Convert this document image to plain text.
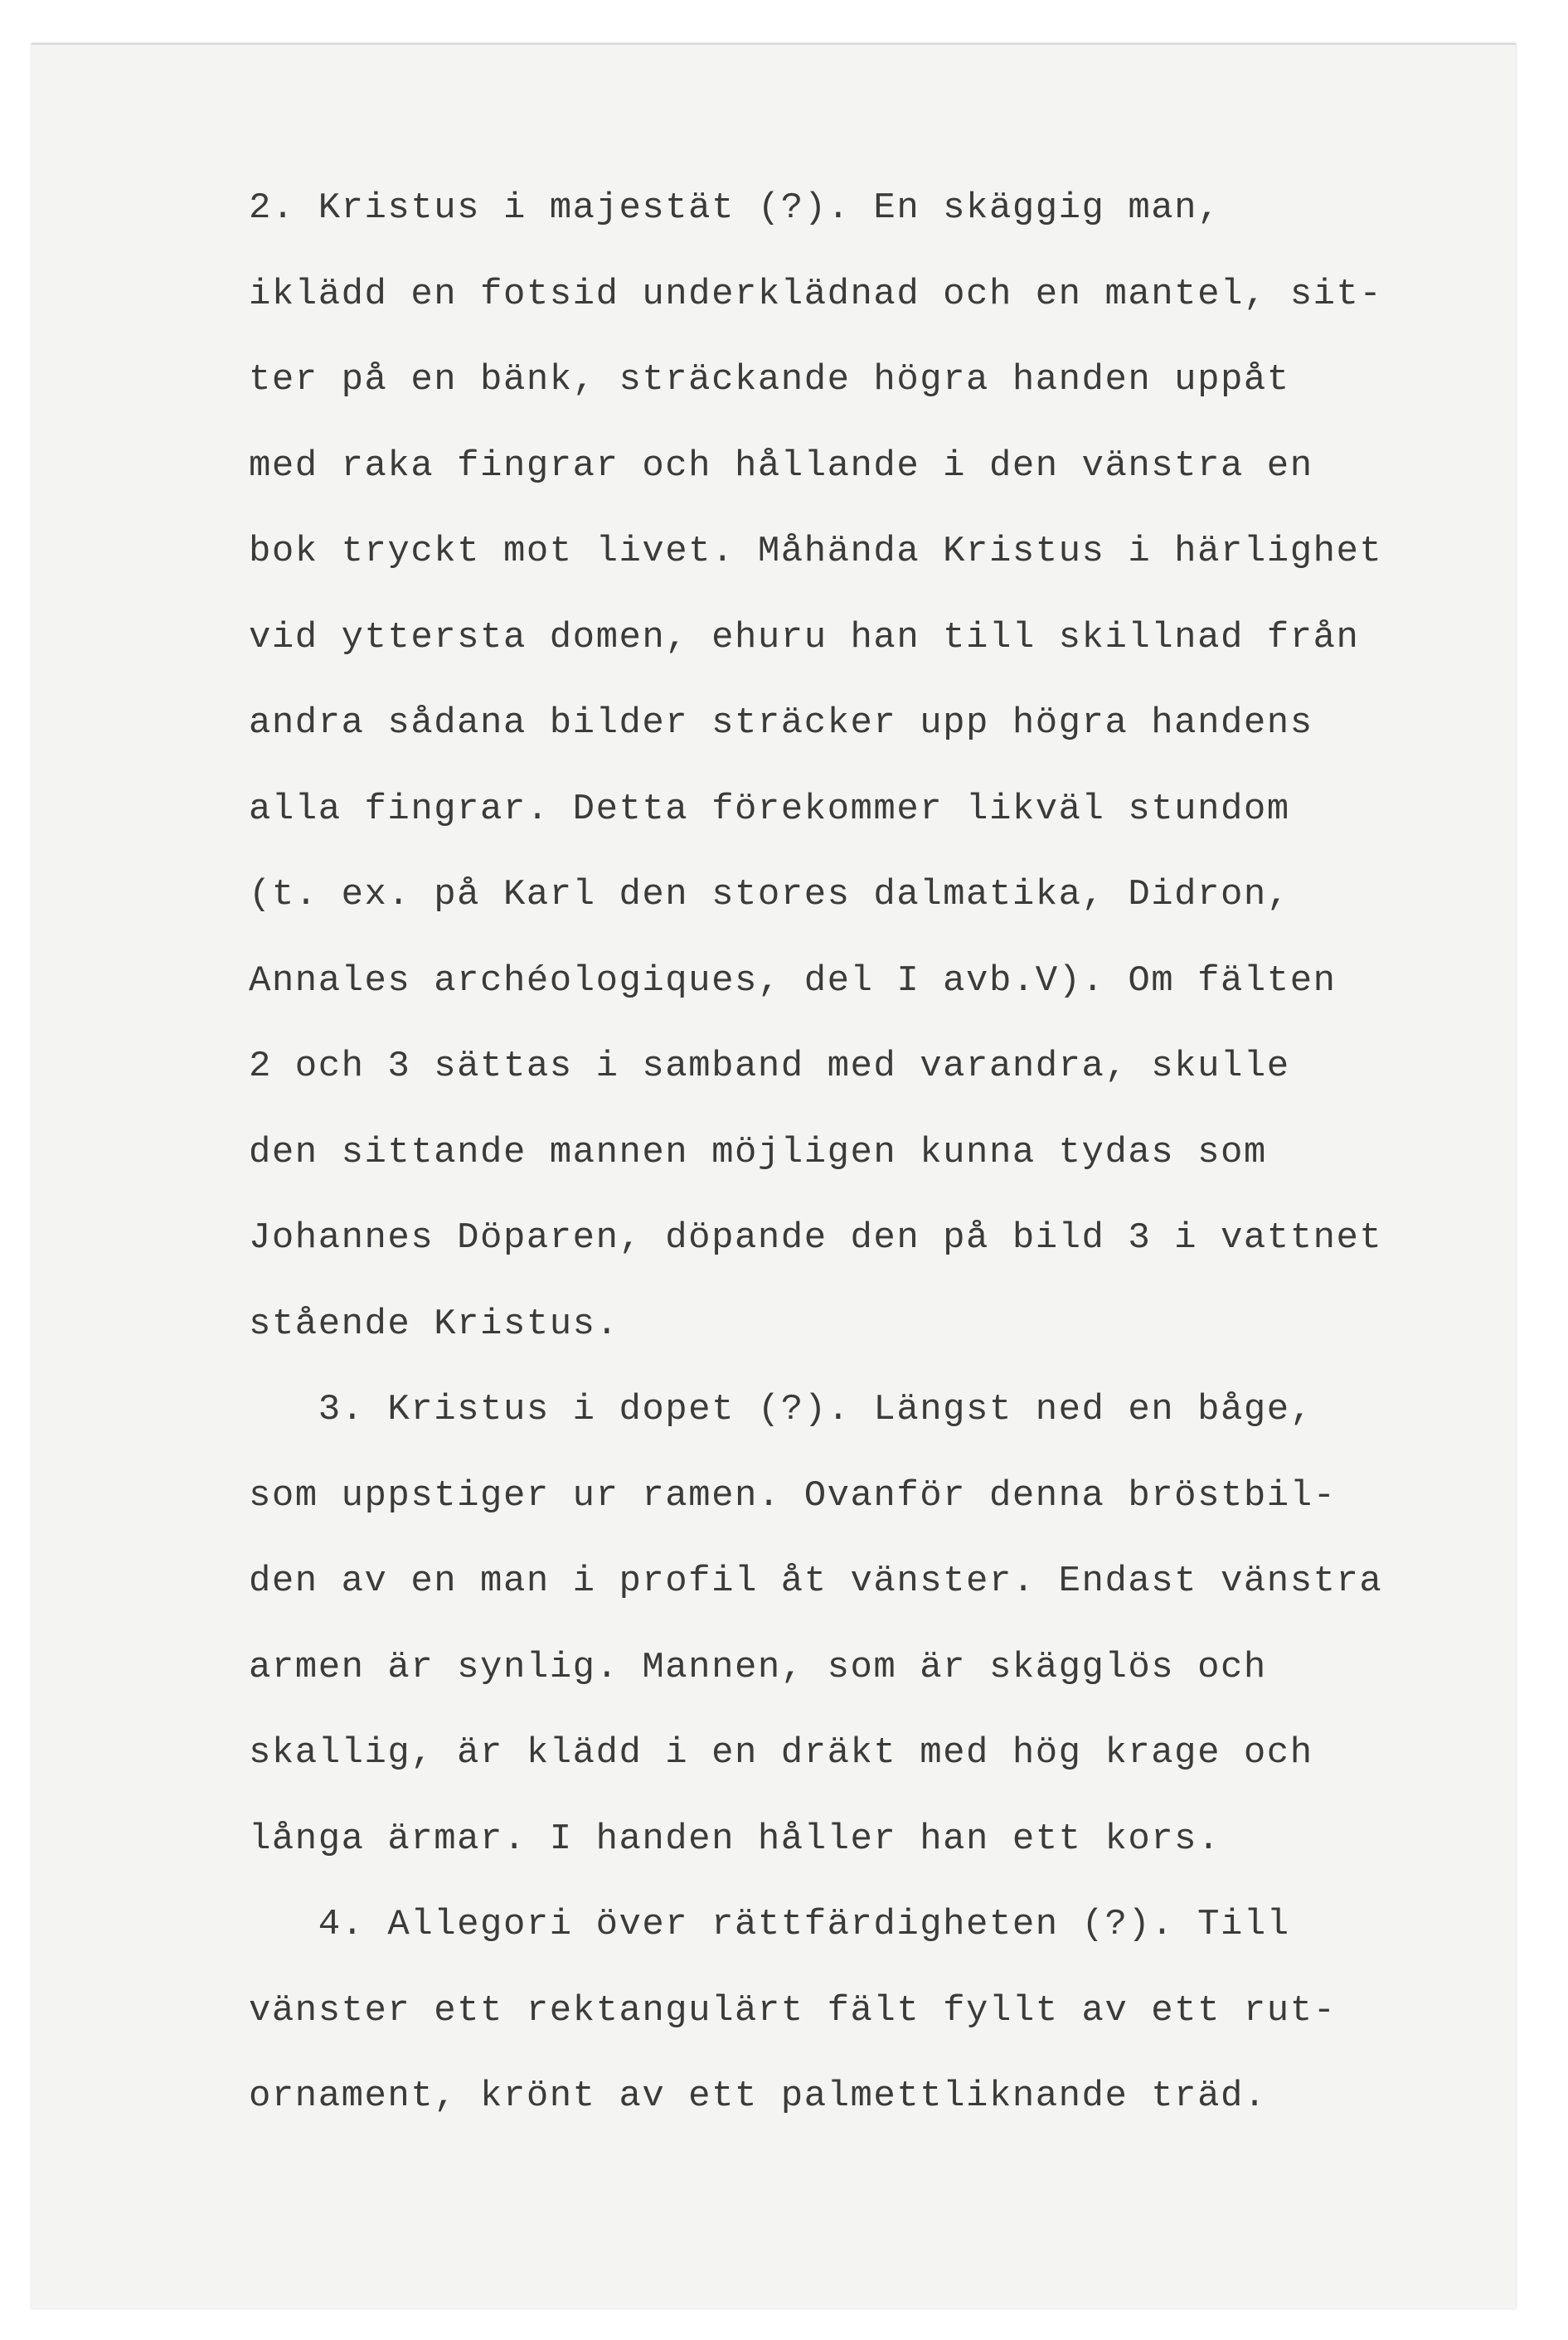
2. Kristus i majestät (?). En skäggig man,
iklädd en fotsid underklädnad och en mantel, sit-
ter på en bänk, sträckande högra handen uppåt
med raka fingrar och hållande i den vänstra en
bok tryckt mot livet. Måhända Kristus i härlighet
vid yttersta domen, ehuru han till skillnad från
andra sådana bilder sträcker upp högra handens
alla fingrar. Detta förekommer likväl stundom
(t. ex. på Karl den stores dalmatika, Didron,
Annales archéologiques, del I avb.V). Om fälten
2 och 3 sättas i samband med varandra, skulle
den sittande mannen möjligen kunna tydas som
Johannes Döparen, döpande den på bild 3 i vattnet
stående Kristus.
3. Kristus i dopet (?). Längst ned en båge,
som uppstiger ur ramen. Ovanför denna bröstbil-
den av en man i profil åt vänster. Endast vänstra
armen är synlig. Mannen, som är skägglös och
skallig, är klädd i en dräkt med hög krage och
långa ärmar. I handen håller han ett kors.
4. Allegori över rättfärdigheten (?). Till
vänster ett rektangulärt fält fyllt av ett rut-
ornament, krönt av ett palmettliknande träd.
